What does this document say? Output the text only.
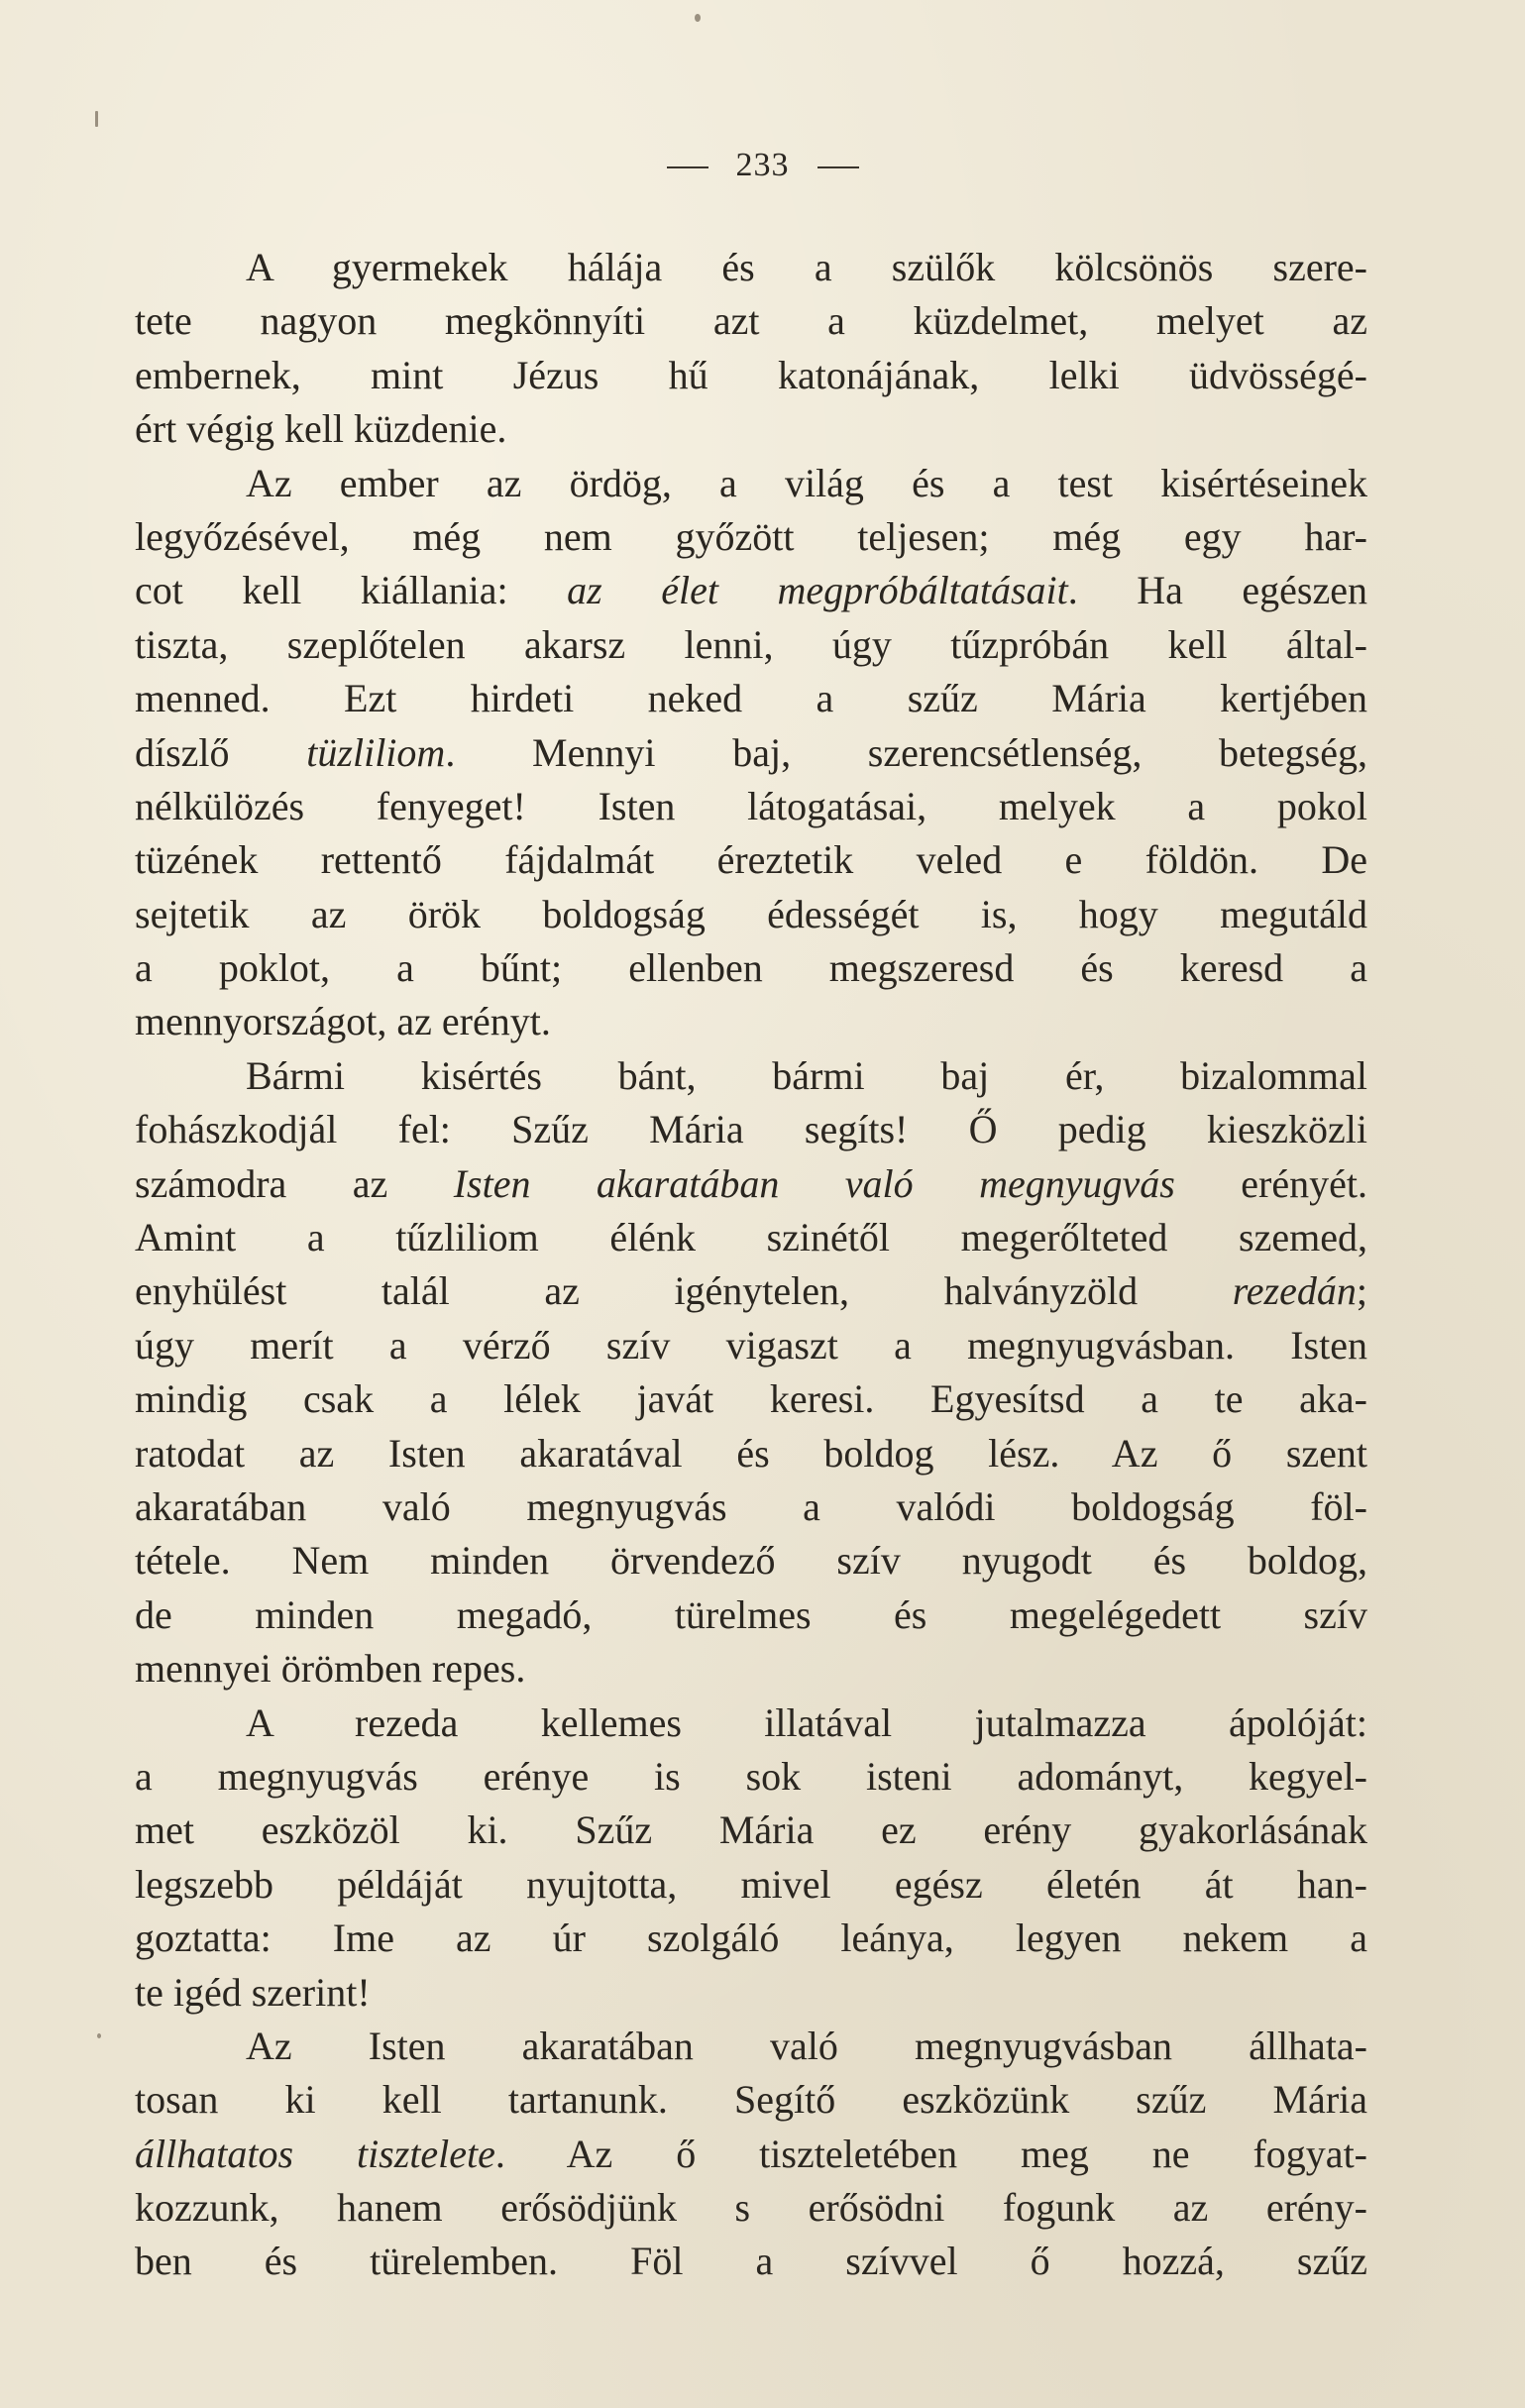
233
A gyermekek hálája és a szülők kölcsönös szere-
tete nagyon megkönnyíti azt a küzdelmet, melyet az
embernek, mint Jézus hű katonájának, lelki üdvösségé-
ért végig kell küzdenie.
Az ember az ördög, a világ és a test kisértéseinek
legyőzésével, még nem győzött teljesen; még egy har-
cot kell kiállania: az élet megpróbáltatásait. Ha egészen
tiszta, szeplőtelen akarsz lenni, úgy tűzpróbán kell által-
menned. Ezt hirdeti neked a szűz Mária kertjében
díszlő tüzliliom. Mennyi baj, szerencsétlenség, betegség,
nélkülözés fenyeget! Isten látogatásai, melyek a pokol
tüzének rettentő fájdalmát éreztetik veled e földön. De
sejtetik az örök boldogság édességét is, hogy megutáld
a poklot, a bűnt; ellenben megszeresd és keresd a
mennyországot, az erényt.
Bármi kisértés bánt, bármi baj ér, bizalommal
fohászkodjál fel: Szűz Mária segíts! Ő pedig kieszközli
számodra az Isten akaratában való megnyugvás erényét.
Amint a tűzliliom élénk szinétől megerőlteted szemed,
enyhülést talál az igénytelen, halványzöld rezedán;
úgy merít a vérző szív vigaszt a megnyugvásban. Isten
mindig csak a lélek javát keresi. Egyesítsd a te aka-
ratodat az Isten akaratával és boldog lész. Az ő szent
akaratában való megnyugvás a valódi boldogság föl-
tétele. Nem minden örvendező szív nyugodt és boldog,
de minden megadó, türelmes és megelégedett szív
mennyei örömben repes.
A rezeda kellemes illatával jutalmazza ápolóját:
a megnyugvás erénye is sok isteni adományt, kegyel-
met eszközöl ki. Szűz Mária ez erény gyakorlásának
legszebb példáját nyujtotta, mivel egész életén át han-
goztatta: Ime az úr szolgáló leánya, legyen nekem a
te igéd szerint!
Az Isten akaratában való megnyugvásban állhata-
tosan ki kell tartanunk. Segítő eszközünk szűz Mária
állhatatos tisztelete. Az ő tiszteletében meg ne fogyat-
kozzunk, hanem erősödjünk s erősödni fogunk az erény-
ben és türelemben. Föl a szívvel ő hozzá, szűz
